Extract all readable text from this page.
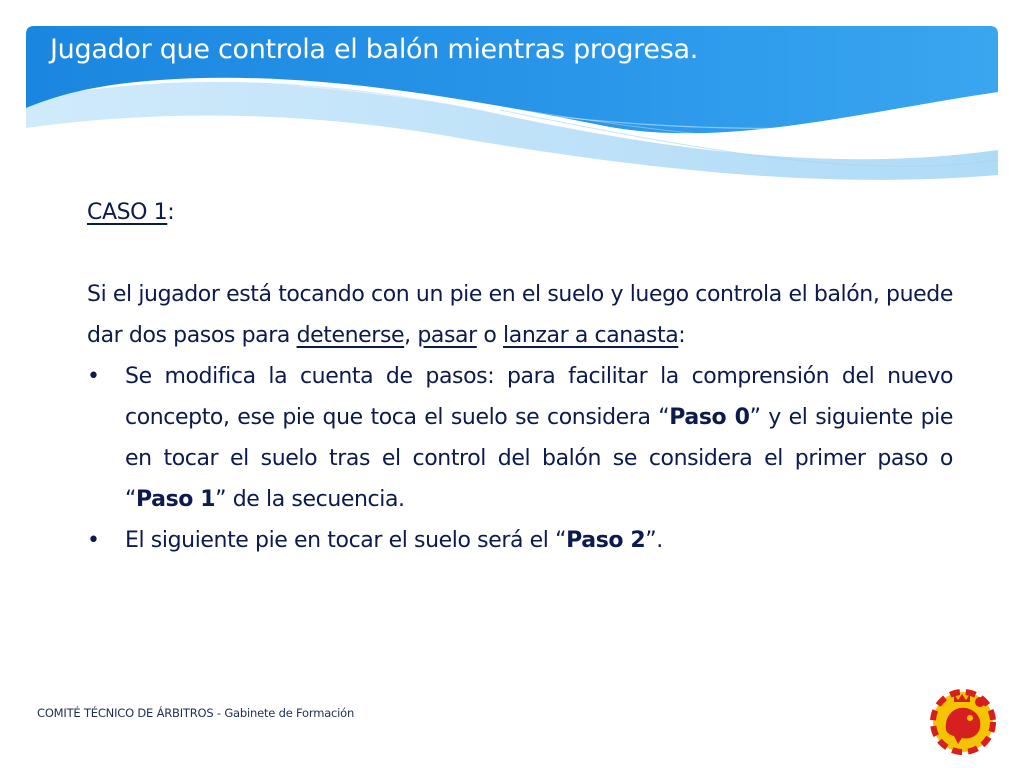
Jugador que controla el balón mientras progresa.

CASO 1:

Si el jugador está tocando con un pie en el suelo y luego controla el balón, puede dar dos pasos para detenerse, pasar o lanzar a canasta:

•	Se modifica la cuenta de pasos: para facilitar la comprensión del nuevo concepto, ese pie que toca el suelo se considera “Paso 0” y el siguiente pie en tocar el suelo tras el control del balón se considera el primer paso o “Paso 1” de la secuencia.
•	El siguiente pie en tocar el suelo será el “Paso 2”.
COMITÉ TÉCNICO DE ÁRBITROS - Gabinete de Formación
